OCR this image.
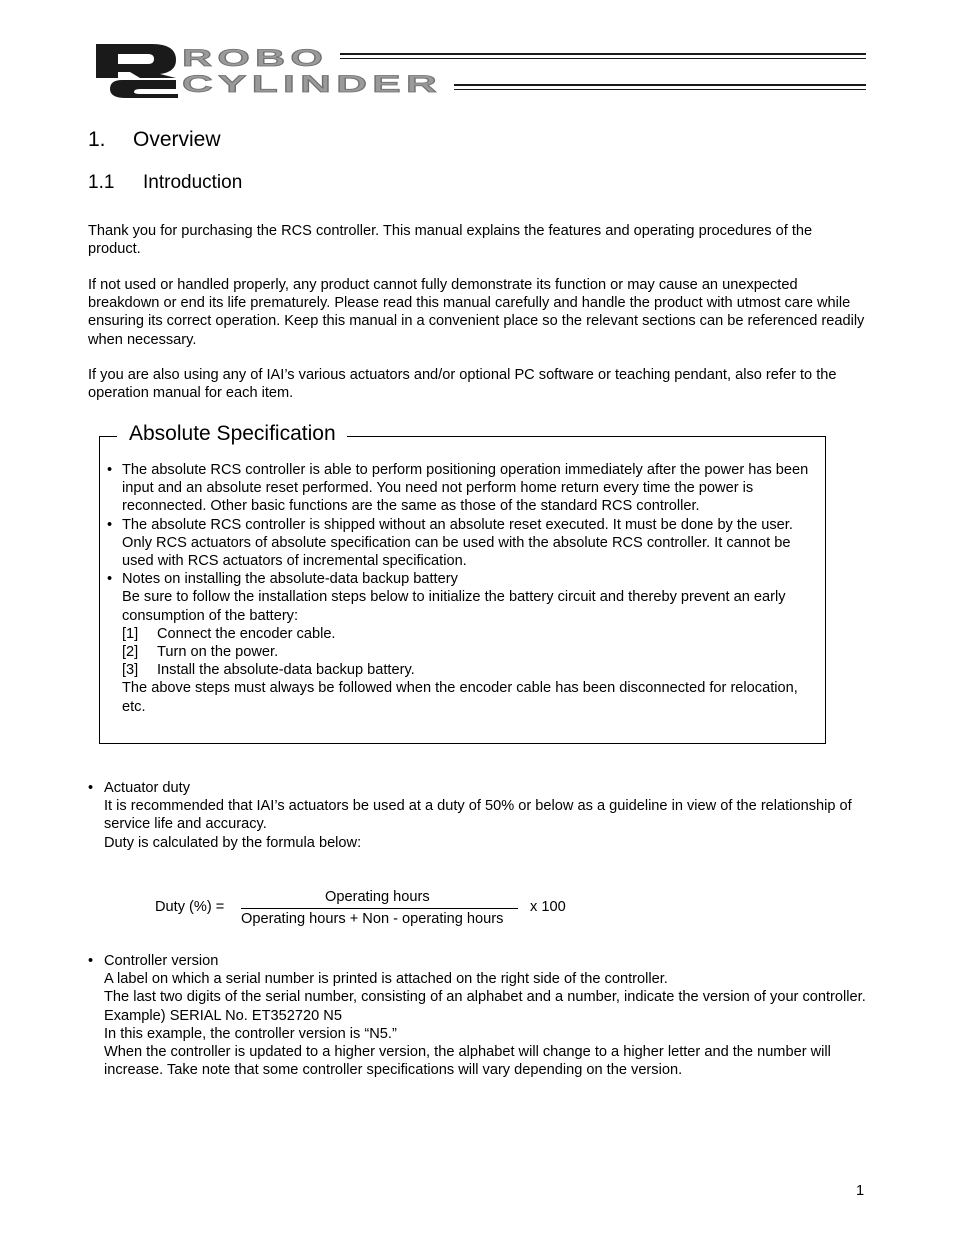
ROBO
CYLINDER
1. Overview
1.1 Introduction
Thank you for purchasing the RCS controller. This manual explains the features and operating procedures of the product.
If not used or handled properly, any product cannot fully demonstrate its function or may cause an unexpected breakdown or end its life prematurely. Please read this manual carefully and handle the product with utmost care while ensuring its correct operation. Keep this manual in a convenient place so the relevant sections can be referenced readily when necessary.
If you are also using any of IAI’s various actuators and/or optional PC software or teaching pendant, also refer to the operation manual for each item.
Absolute Specification
• The absolute RCS controller is able to perform positioning operation immediately after the power has been input and an absolute reset performed. You need not perform home return every time the power is reconnected. Other basic functions are the same as those of the standard RCS controller.
• The absolute RCS controller is shipped without an absolute reset executed. It must be done by the user.
Only RCS actuators of absolute specification can be used with the absolute RCS controller. It cannot be used with RCS actuators of incremental specification.
• Notes on installing the absolute-data backup battery
Be sure to follow the installation steps below to initialize the battery circuit and thereby prevent an early consumption of the battery:
[1] Connect the encoder cable.
[2] Turn on the power.
[3] Install the absolute-data backup battery.
The above steps must always be followed when the encoder cable has been disconnected for relocation, etc.
• Actuator duty
It is recommended that IAI’s actuators be used at a duty of 50% or below as a guideline in view of the relationship of service life and accuracy.
Duty is calculated by the formula below:
Duty (%) =
Operating hours
Operating hours + Non - operating hours
x 100
• Controller version
A label on which a serial number is printed is attached on the right side of the controller.
The last two digits of the serial number, consisting of an alphabet and a number, indicate the version of your controller.
Example) SERIAL No. ET352720 N5
In this example, the controller version is “N5.”
When the controller is updated to a higher version, the alphabet will change to a higher letter and the number will increase. Take note that some controller specifications will vary depending on the version.
1
